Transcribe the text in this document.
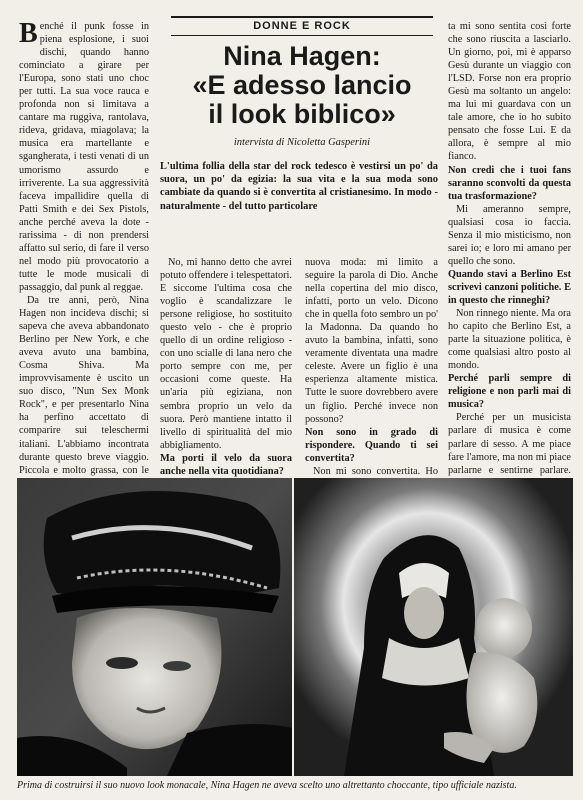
DONNE E ROCK
Nina Hagen:
«E adesso lancio
il look biblico»
intervista di Nicoletta Gasperini
L'ultima follia della star del rock tedesco è vestirsi un po' da suora, un po' da egizia: la sua vita e la sua moda sono cambiate da quando si è convertita al cristianesimo. In modo - naturalmente - del tutto particolare

Benché il punk fosse in piena esplosione, i suoi dischi, quando hanno cominciato a girare per l'Europa, sono stati uno choc per tutti. La sua voce rauca e profonda non si limitava a cantare ma ruggiva, rantolava, rideva, gridava, miagolava; la musica era martellante e sgangherata, i testi venati di un umorismo assurdo e irriverente. La sua aggressività faceva impallidire quella di Patti Smith e dei Sex Pistols, anche perché aveva la dote - rarissima - di non prendersi affatto sul serio, di fare il verso nel modo più provocatorio a tutte le mode musicali di passaggio, dal punk al reggae.

Da tre anni, però, Nina Hagen non incideva dischi; si sapeva che aveva abbandonato Berlino per New York, e che aveva avuto una bambina, Cosma Shiva. Ma improvvisamente è uscito un suo disco, "Nun Sex Monk Rock", e per presentarlo Nina ha perfino accettato di comparire sui teleschermi italiani. L'abbiamo incontrata durante questo breve viaggio. Piccola e molto grassa, con le

No, mi hanno detto che avrei potuto offendere i telespettatori. E siccome l'ultima cosa che voglio è scandalizzare le persone religiose, ho sostituito questo velo - che è proprio quello di un ordine religioso - con uno scialle di lana nero che porto sempre con me, per occasioni come queste. Ha un'aria più egiziana, non sembra proprio un velo da suora. Però mantiene intatto il livello di spiritualità del mio abbigliamento.

Ma porti il velo da suora anche nella vita quotidiana?

nuova moda: mi limito a seguire la parola di Dio. Anche nella copertina del mio disco, infatti, porto un velo. Dicono che in quella foto sembro un po' la Madonna. Da quando ho avuto la bambina, infatti, sono veramente diventata una madre celeste. Avere un figlio è una esperienza altamente mistica. Tutte le suore dovrebbero avere un figlio. Perché invece non possono?

Non sono in grado di rispondere. Quando ti sei convertita?

Non mi sono convertita. Ho

ta mi sono sentita così forte che sono riuscita a lasciarlo. Un giorno, poi, mi è apparso Gesù durante un viaggio con l'LSD. Forse non era proprio Gesù ma soltanto un angelo: ma lui mi guardava con un tale amore, che io ho subito pensato che fosse Lui. E da allora, è sempre al mio fianco.

Non credi che i tuoi fans saranno sconvolti da questa tua trasformazione?

Mi ameranno sempre, qualsiasi cosa io faccia. Senza il mio misticismo, non sarei io; e loro mi amano per quello che sono.

Quando stavi a Berlino Est scrivevi canzoni politiche. E in questo che rinneghi?

Non rinnego niente. Ma ora ho capito che Berlino Est, a parte la situazione politica, è come qualsiasi altro posto al mondo.

Perché parli sempre di religione e non parli mai di musica?

Perché per un musicista parlare di musica è come parlare di sesso. A me piace fare l'amore, ma non mi piace parlarne e sentirne parlare.

Prima di costruirsi il suo nuovo look monacale, Nina Hagen ne aveva scelto uno altrettanto choccante, tipo ufficiale nazista.
